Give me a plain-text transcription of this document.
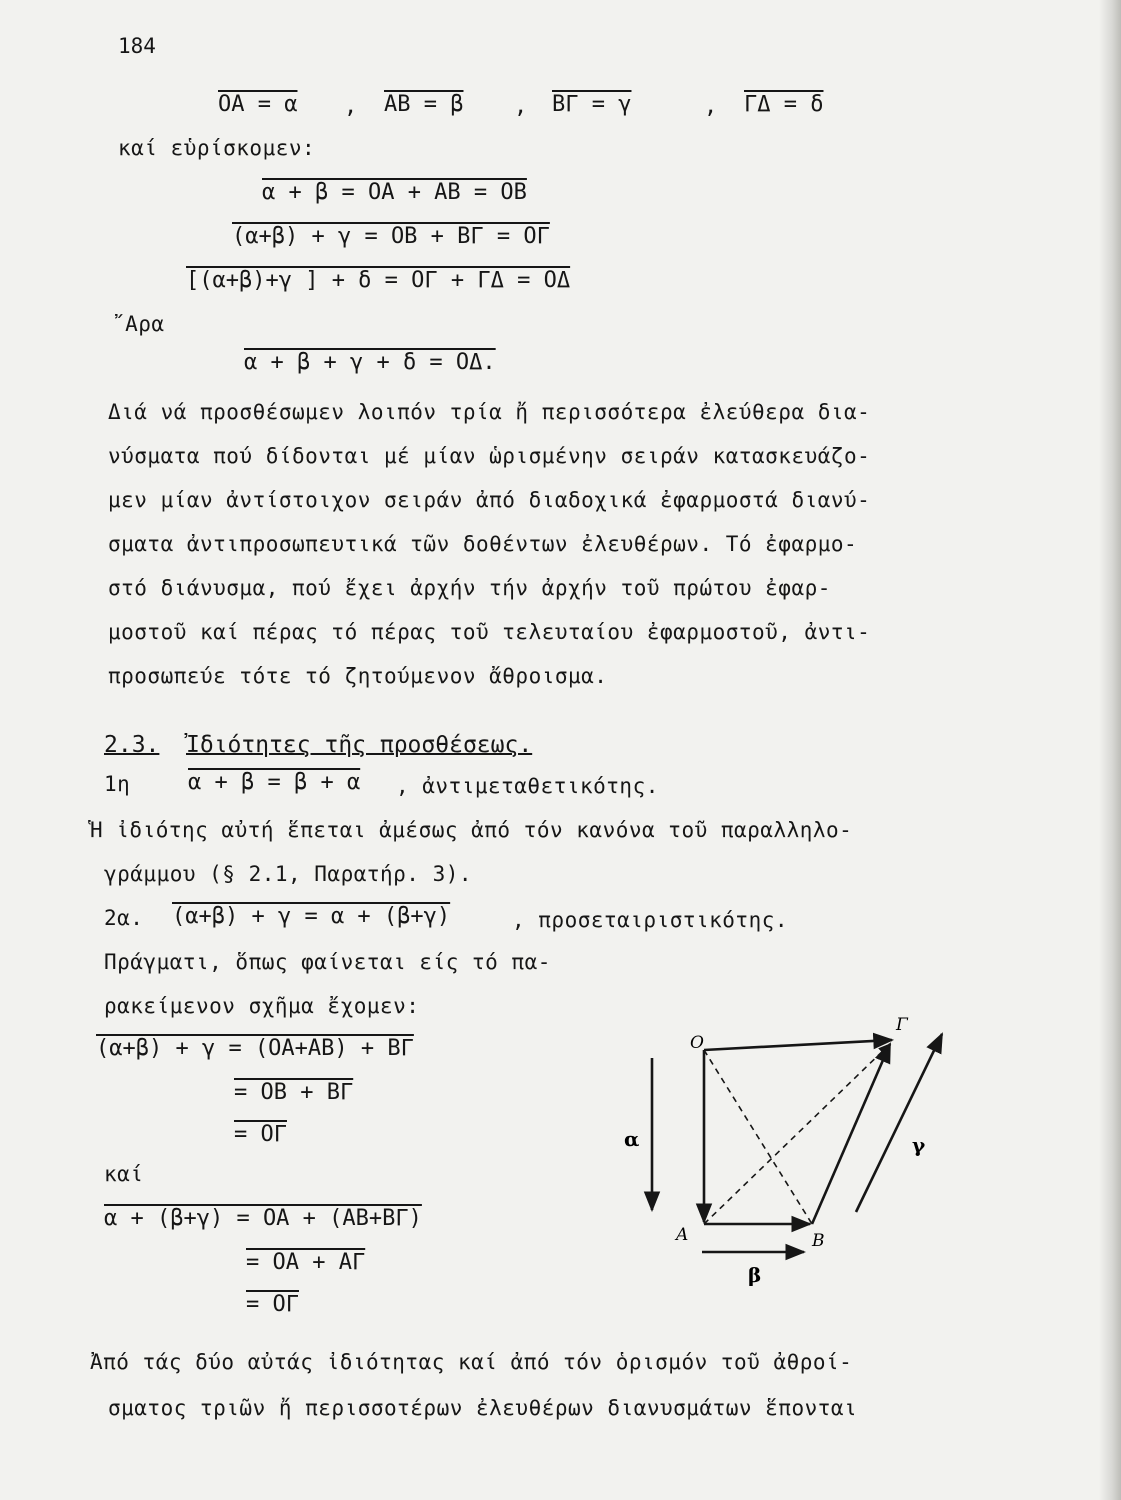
184
OA = α , AB = β , BΓ = γ	, ΓΔ = δ
καί εὑρίσκομεν:
α + β = OA + AB = OB
(α+β) + γ = OB + BΓ = OΓ
[(α+β)+γ ] + δ = OΓ + ΓΔ = OΔ
῎Αρα
α + β + γ + δ = OΔ.
Διά νά προσθέσωμεν λοιπόν τρία ἤ περισσότερα ἐλεύθερα δια-
νύσματα πού δίδονται μέ μίαν ὡρισμένην σειράν κατασκευάζο-
μεν μίαν ἀντίστοιχον σειράν ἀπό διαδοχικά ἐφαρμοστά διανύ-
σματα ἀντιπροσωπευτικά τῶν δοθέντων ἐλευθέρων. Τό ἐφαρμο-
στό διάνυσμα, πού ἔχει ἀρχήν τήν ἀρχήν τοῦ πρώτου ἐφαρ-
μοστοῦ καί πέρας τό πέρας τοῦ τελευταίου ἐφαρμοστοῦ, ἀντι-
προσωπεύε τότε τό ζητούμενον ἄθροισμα.
2.3. Ἰδιότητες τῆς προσθέσεως.
1η	α + β = β + α , ἀντιμεταθετικότης.
Ἡ ἰδιότης αὐτή ἕπεται ἀμέσως ἀπό τόν κανόνα τοῦ παραλληλο-
γράμμου (§ 2.1, Παρατήρ. 3).
2α. (α+β) + γ = α + (β+γ)	, προσεταιριστικότης.
Πράγματι, ὅπως φαίνεται είς τό πα-
ρακείμενον σχῆμα ἔχομεν:
(α+β) + γ = (OA+AB) + BΓ
= OB + BΓ
= OΓ
καί
α + (β+γ) = OA + (AB+BΓ)
= OA + AΓ
= OΓ
Ἀπό τάς δύο αὐτάς ἰδιότητας καί ἀπό τόν ὁρισμόν τοῦ ἀθροί-
σματος τριῶν ἤ περισσοτέρων ἐλευθέρων διανυσμάτων ἕπονται
O
A	B
Γ
α
β
γ
